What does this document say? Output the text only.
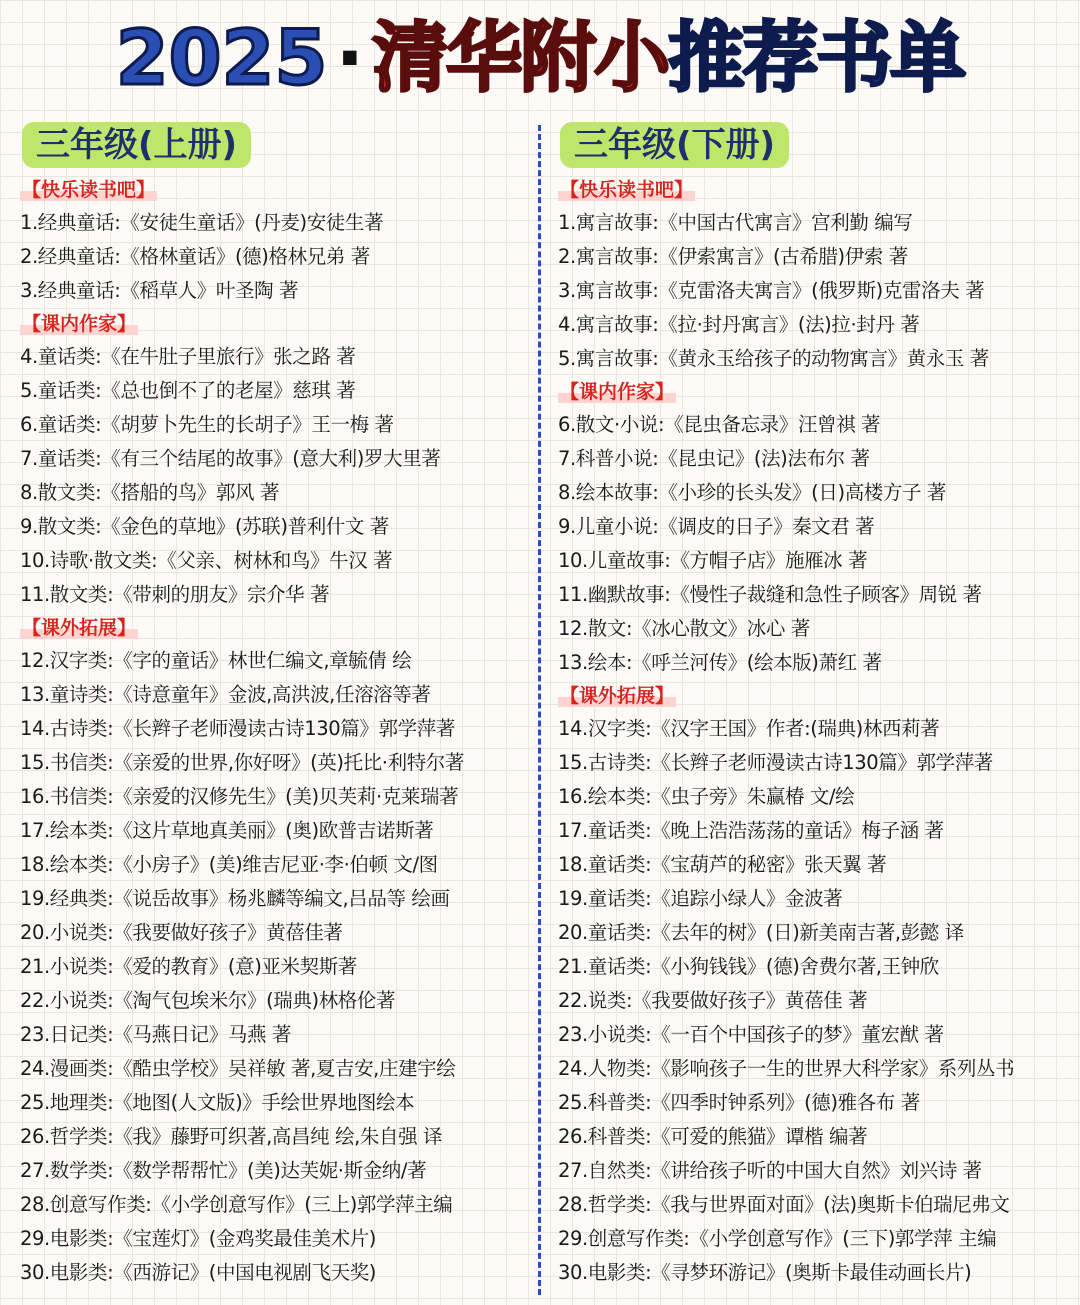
2025 · 清华附小推荐书单
三年级(上册)
【快乐读书吧】
1.经典童话:《安徒生童话》(丹麦)安徒生著
2.经典童话:《格林童话》(德)格林兄弟 著
3.经典童话:《稻草人》叶圣陶 著
【课内作家】
4.童话类:《在牛肚子里旅行》张之路 著
5.童话类:《总也倒不了的老屋》慈琪 著
6.童话类:《胡萝卜先生的长胡子》王一梅 著
7.童话类:《有三个结尾的故事》(意大利)罗大里著
8.散文类:《搭船的鸟》郭风 著
9.散文类:《金色的草地》(苏联)普利什文 著
10.诗歌·散文类:《父亲、树林和鸟》牛汉 著
11.散文类:《带刺的朋友》宗介华 著
【课外拓展】
12.汉字类:《字的童话》林世仁编文,章毓倩 绘
13.童诗类:《诗意童年》金波,高洪波,任溶溶等著
14.古诗类:《长辫子老师漫读古诗130篇》郭学萍著
15.书信类:《亲爱的世界,你好呀》(英)托比·利特尔著
16.书信类:《亲爱的汉修先生》(美)贝芙莉·克莱瑞著
17.绘本类:《这片草地真美丽》(奥)欧普吉诺斯著
18.绘本类:《小房子》(美)维吉尼亚·李·伯顿 文/图
19.经典类:《说岳故事》杨兆麟等编文,吕品等 绘画
20.小说类:《我要做好孩子》黄蓓佳著
21.小说类:《爱的教育》(意)亚米契斯著
22.小说类:《淘气包埃米尔》(瑞典)林格伦著
23.日记类:《马燕日记》马燕 著
24.漫画类:《酷虫学校》吴祥敏 著,夏吉安,庄建宇绘
25.地理类:《地图(人文版)》手绘世界地图绘本
26.哲学类:《我》藤野可织著,高昌纯 绘,朱自强 译
27.数学类:《数学帮帮忙》(美)达芙妮·斯金纳/著
28.创意写作类:《小学创意写作》(三上)郭学萍主编
29.电影类:《宝莲灯》(金鸡奖最佳美术片)
30.电影类:《西游记》(中国电视剧飞天奖)
三年级(下册)
【快乐读书吧】
1.寓言故事:《中国古代寓言》宫利勤 编写
2.寓言故事:《伊索寓言》(古希腊)伊索 著
3.寓言故事:《克雷洛夫寓言》(俄罗斯)克雷洛夫 著
4.寓言故事:《拉·封丹寓言》(法)拉·封丹 著
5.寓言故事:《黄永玉给孩子的动物寓言》黄永玉 著
【课内作家】
6.散文·小说:《昆虫备忘录》汪曾祺 著
7.科普小说:《昆虫记》(法)法布尔 著
8.绘本故事:《小珍的长头发》(日)高楼方子 著
9.儿童小说:《调皮的日子》秦文君 著
10.儿童故事:《方帽子店》施雁冰 著
11.幽默故事:《慢性子裁缝和急性子顾客》周锐 著
12.散文:《冰心散文》冰心 著
13.绘本:《呼兰河传》(绘本版)萧红 著
【课外拓展】
14.汉字类:《汉字王国》作者:(瑞典)林西莉著
15.古诗类:《长辫子老师漫读古诗130篇》郭学萍著
16.绘本类:《虫子旁》朱赢椿 文/绘
17.童话类:《晚上浩浩荡荡的童话》梅子涵 著
18.童话类:《宝葫芦的秘密》张天翼 著
19.童话类:《追踪小绿人》金波著
20.童话类:《去年的树》(日)新美南吉著,彭懿 译
21.童话类:《小狗钱钱》(德)舍费尔著,王钟欣
22.说类:《我要做好孩子》黄蓓佳 著
23.小说类:《一百个中国孩子的梦》董宏猷 著
24.人物类:《影响孩子一生的世界大科学家》系列丛书
25.科普类:《四季时钟系列》(德)雅各布 著
26.科普类:《可爱的熊猫》谭楷 编著
27.自然类:《讲给孩子听的中国大自然》刘兴诗 著
28.哲学类:《我与世界面对面》(法)奥斯卡伯瑞尼弗文
29.创意写作类:《小学创意写作》(三下)郭学萍 主编
30.电影类:《寻梦环游记》(奥斯卡最佳动画长片)
